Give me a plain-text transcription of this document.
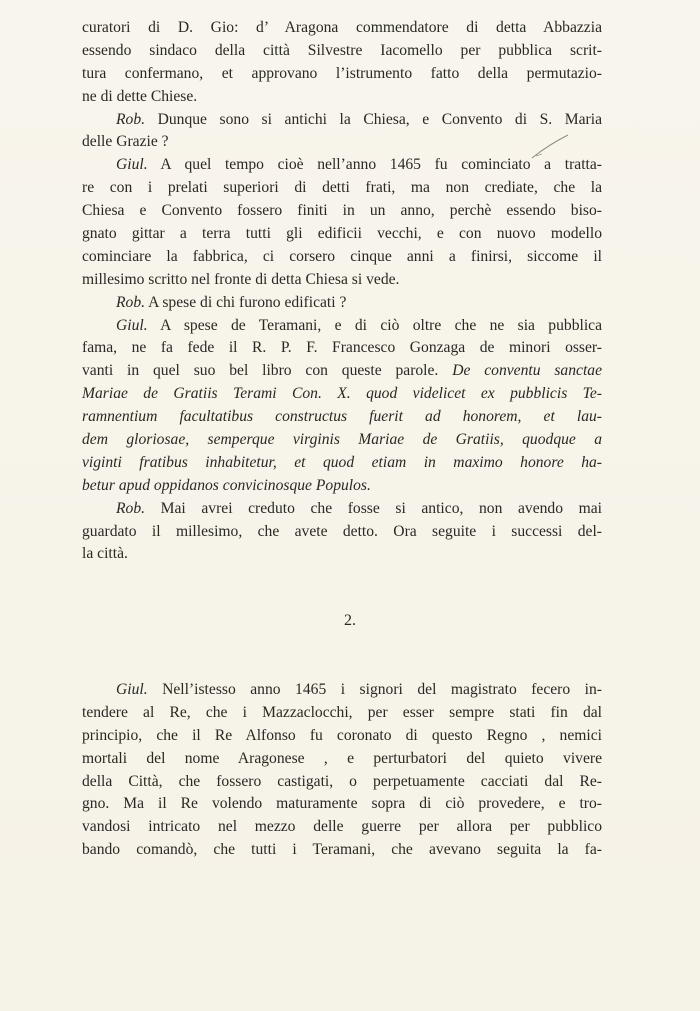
curatori di D. Gio: d’ Aragona commendatore di detta Abbazzia
essendo sindaco della città Silvestre Iacomello per pubblica scrit-
tura confermano, et approvano l’istrumento fatto della permutazio-
ne di dette Chiese.
Rob. Dunque sono si antichi la Chiesa, e Convento di S. Maria
delle Grazie ?
Giul. A quel tempo cioè nell’anno 1465 fu cominciato a tratta-
re con i prelati superiori di detti frati, ma non crediate, che la
Chiesa e Convento fossero finiti in un anno, perchè essendo biso-
gnato gittar a terra tutti gli edificii vecchi, e con nuovo modello
cominciare la fabbrica, ci corsero cinque anni a finirsi, siccome il
millesimo scritto nel fronte di detta Chiesa si vede.
Rob. A spese di chi furono edificati ?
Giul. A spese de Teramani, e di ciò oltre che ne sia pubblica
fama, ne fa fede il R. P. F. Francesco Gonzaga de minori osser-
vanti in quel suo bel libro con queste parole. De conventu sanctae
Mariae de Gratiis Terami Con. X. quod videlicet ex pubblicis Te-
ramnentium facultatibus constructus fuerit ad honorem, et lau-
dem gloriosae, semperque virginis Mariae de Gratiis, quodque a
viginti fratibus inhabitetur, et quod etiam in maximo honore ha-
betur apud oppidanos convicinosque Populos.
Rob. Mai avrei creduto che fosse si antico, non avendo mai
guardato il millesimo, che avete detto. Ora seguite i successi del-
la città.
2.
Giul. Nell’istesso anno 1465 i signori del magistrato fecero in-
tendere al Re, che i Mazzaclocchi, per esser sempre stati fin dal
principio, che il Re Alfonso fu coronato di questo Regno , nemici
mortali del nome Aragonese , e perturbatori del quieto vivere
della Città, che fossero castigati, o perpetuamente cacciati dal Re-
gno. Ma il Re volendo maturamente sopra di ciò provedere, e tro-
vandosi intricato nel mezzo delle guerre per allora per pubblico
bando comandò, che tutti i Teramani, che avevano seguita la fa-
